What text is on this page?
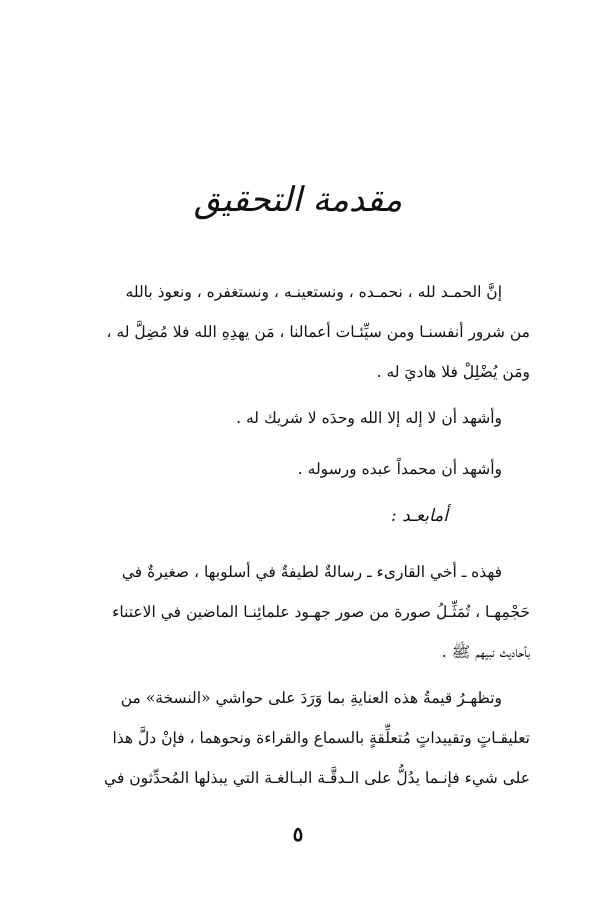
مقدمة التحقيق
إنَّ الحمـد لله ، نحمـده ، ونستعينـه ، ونستغفره ، ونعوذ بالله
من شرور أنفسنـا ومن سيِّئـات أعمالنا ، مَن يهدِهِ الله فلا مُضِلَّ له ،
ومَن يُضْلِلْ فلا هاديَ له .
وأشهد أن لا إله إلا الله وحدَه لا شريك له .
وأشهد أن محمداً عبده ورسوله .
أمابعـد :
فهذه ـ أخي القارىء ـ رسالةٌ لطيفةٌ في أسلوبها ، صغيرةٌ في
حَجْمِهـا ، تُمَثِّـلُ صورة من صور جهـود علمائِنـا الماضين في الاعتناء
بأحاديث نبيهم ﷺ .
وتظهـرُ قيمةُ هذه العنايةِ بما وَرَدَ على حواشي «النسخة» من
تعليقـاتٍ وتقييداتٍ مُتعلِّقةٍ بالسماع والقراءة ونحوهما ، فإنْ دلَّ هذا
على شيء فإنـما يدُلُّ على الـدقَّـة البـالغـة التي يبذلها المُحدِّثون في
٥
